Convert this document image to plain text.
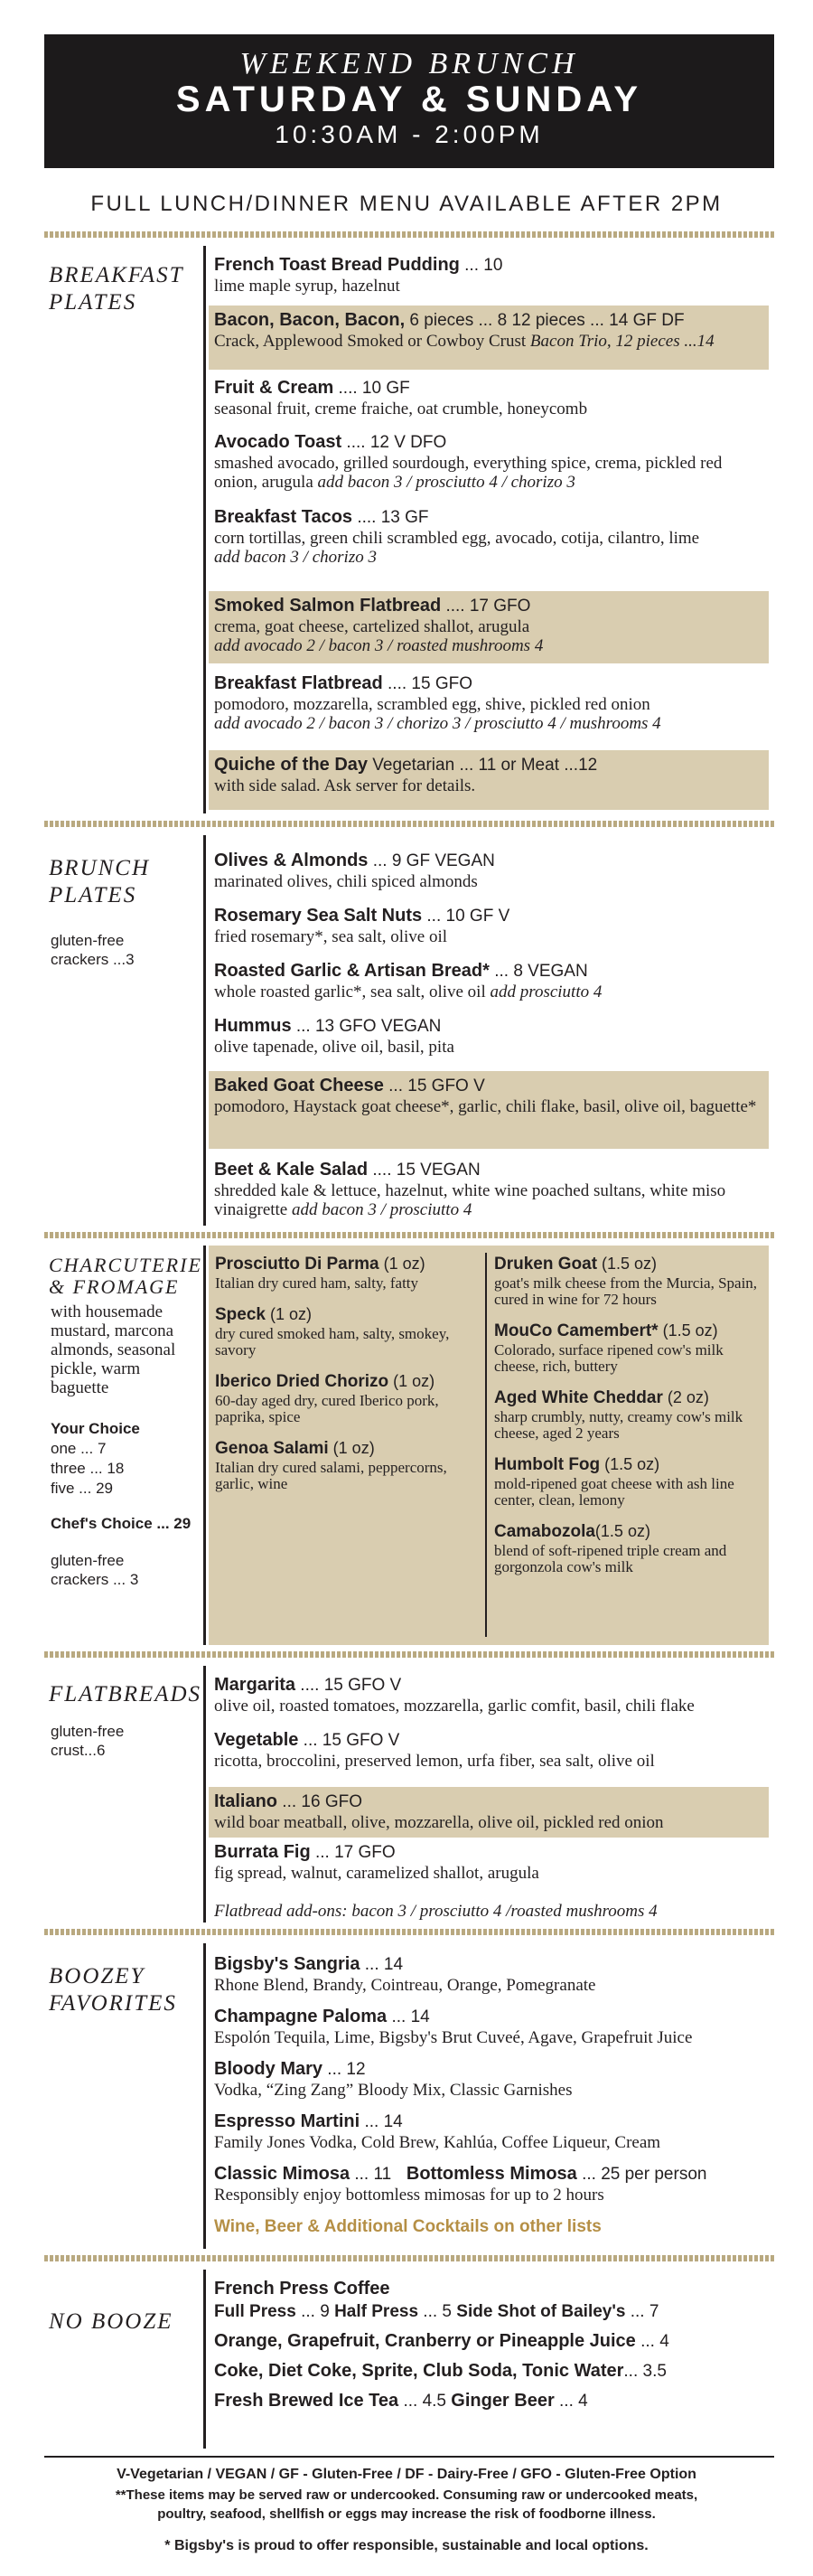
WEEKEND BRUNCH
SATURDAY & SUNDAY
10:30AM - 2:00PM
FULL LUNCH/DINNER MENU AVAILABLE AFTER 2PM
BREAKFAST
PLATES
French Toast Bread Pudding ... 10
lime maple syrup, hazelnut
Bacon, Bacon, Bacon, 6 pieces ... 8 12 pieces ... 14 GF DF
Crack, Applewood Smoked or Cowboy Crust Bacon Trio, 12 pieces ...14
Fruit & Cream .... 10 GF
seasonal fruit, creme fraiche, oat crumble, honeycomb
Avocado Toast .... 12 V DFO
smashed avocado, grilled sourdough, everything spice, crema, pickled red onion, arugula add bacon 3 / prosciutto 4 / chorizo 3
Breakfast Tacos .... 13 GF
corn tortillas, green chili scrambled egg, avocado, cotija, cilantro, lime
add bacon 3 / chorizo 3
Smoked Salmon Flatbread .... 17 GFO
crema, goat cheese, cartelized shallot, arugula
add avocado 2 / bacon 3 / roasted mushrooms 4
Breakfast Flatbread .... 15 GFO
pomodoro, mozzarella, scrambled egg, shive, pickled red onion
add avocado 2 / bacon 3 / chorizo 3 / prosciutto 4 / mushrooms 4
Quiche of the Day Vegetarian ... 11 or Meat ...12
with side salad. Ask server for details.
BRUNCH
PLATES
gluten-free crackers ...3
Olives & Almonds ... 9 GF VEGAN
marinated olives, chili spiced almonds
Rosemary Sea Salt Nuts ... 10 GF V
fried rosemary*, sea salt, olive oil
Roasted Garlic & Artisan Bread* ... 8 VEGAN
whole roasted garlic*, sea salt, olive oil add prosciutto 4
Hummus ... 13 GFO VEGAN
olive tapenade, olive oil, basil, pita
Baked Goat Cheese ... 15 GFO V
pomodoro, Haystack goat cheese*, garlic, chili flake, basil, olive oil, baguette*
Beet & Kale Salad .... 15 VEGAN
shredded kale & lettuce, hazelnut, white wine poached sultans, white miso vinaigrette add bacon 3 / prosciutto 4
CHARCUTERIE
& FROMAGE
with housemade mustard, marcona almonds, seasonal pickle, warm baguette
Your Choice
one ... 7
three ... 18
five ... 29
Chef's Choice ... 29
gluten-free crackers ... 3
Prosciutto Di Parma (1 oz)
Italian dry cured ham, salty, fatty
Speck (1 oz)
dry cured smoked ham, salty, smokey, savory
Iberico Dried Chorizo (1 oz)
60-day aged dry, cured Iberico pork, paprika, spice
Genoa Salami (1 oz)
Italian dry cured salami, peppercorns, garlic, wine
Druken Goat (1.5 oz)
goat's milk cheese from the Murcia, Spain, cured in wine for 72 hours
MouCo Camembert* (1.5 oz)
Colorado, surface ripened cow's milk cheese, rich, buttery
Aged White Cheddar (2 oz)
sharp crumbly, nutty, creamy cow's milk cheese, aged 2 years
Humbolt Fog (1.5 oz)
mold-ripened goat cheese with ash line center, clean, lemony
Camabozola(1.5 oz)
blend of soft-ripened triple cream and gorgonzola cow's milk
FLATBREADS
gluten-free crust...6
Margarita .... 15 GFO V
olive oil, roasted tomatoes, mozzarella, garlic comfit, basil, chili flake
Vegetable ... 15 GFO V
ricotta, broccolini, preserved lemon, urfa fiber, sea salt, olive oil
Italiano ... 16 GFO
wild boar meatball, olive, mozzarella, olive oil, pickled red onion
Burrata Fig ... 17 GFO
fig spread, walnut, caramelized shallot, arugula
Flatbread add-ons: bacon 3 / prosciutto 4 /roasted mushrooms 4
BOOZEY
FAVORITES
Bigsby's Sangria ... 14
Rhone Blend, Brandy, Cointreau, Orange, Pomegranate
Champagne Paloma ... 14
Espolón Tequila, Lime, Bigsby's Brut Cuveé, Agave, Grapefruit Juice
Bloody Mary ... 12
Vodka, “Zing Zang” Bloody Mix, Classic Garnishes
Espresso Martini ... 14
Family Jones Vodka, Cold Brew, Kahlúa, Coffee Liqueur, Cream
Classic Mimosa ... 11 Bottomless Mimosa ... 25 per person
Responsibly enjoy bottomless mimosas for up to 2 hours
Wine, Beer & Additional Cocktails on other lists
NO BOOZE
French Press Coffee
Full Press ... 9 Half Press ... 5 Side Shot of Bailey's ... 7
Orange, Grapefruit, Cranberry or Pineapple Juice ... 4
Coke, Diet Coke, Sprite, Club Soda, Tonic Water... 3.5
Fresh Brewed Ice Tea ... 4.5 Ginger Beer ... 4
V-Vegetarian / VEGAN / GF - Gluten-Free / DF - Dairy-Free / GFO - Gluten-Free Option
**These items may be served raw or undercooked. Consuming raw or undercooked meats,
poultry, seafood, shellfish or eggs may increase the risk of foodborne illness.
* Bigsby's is proud to offer responsible, sustainable and local options.
